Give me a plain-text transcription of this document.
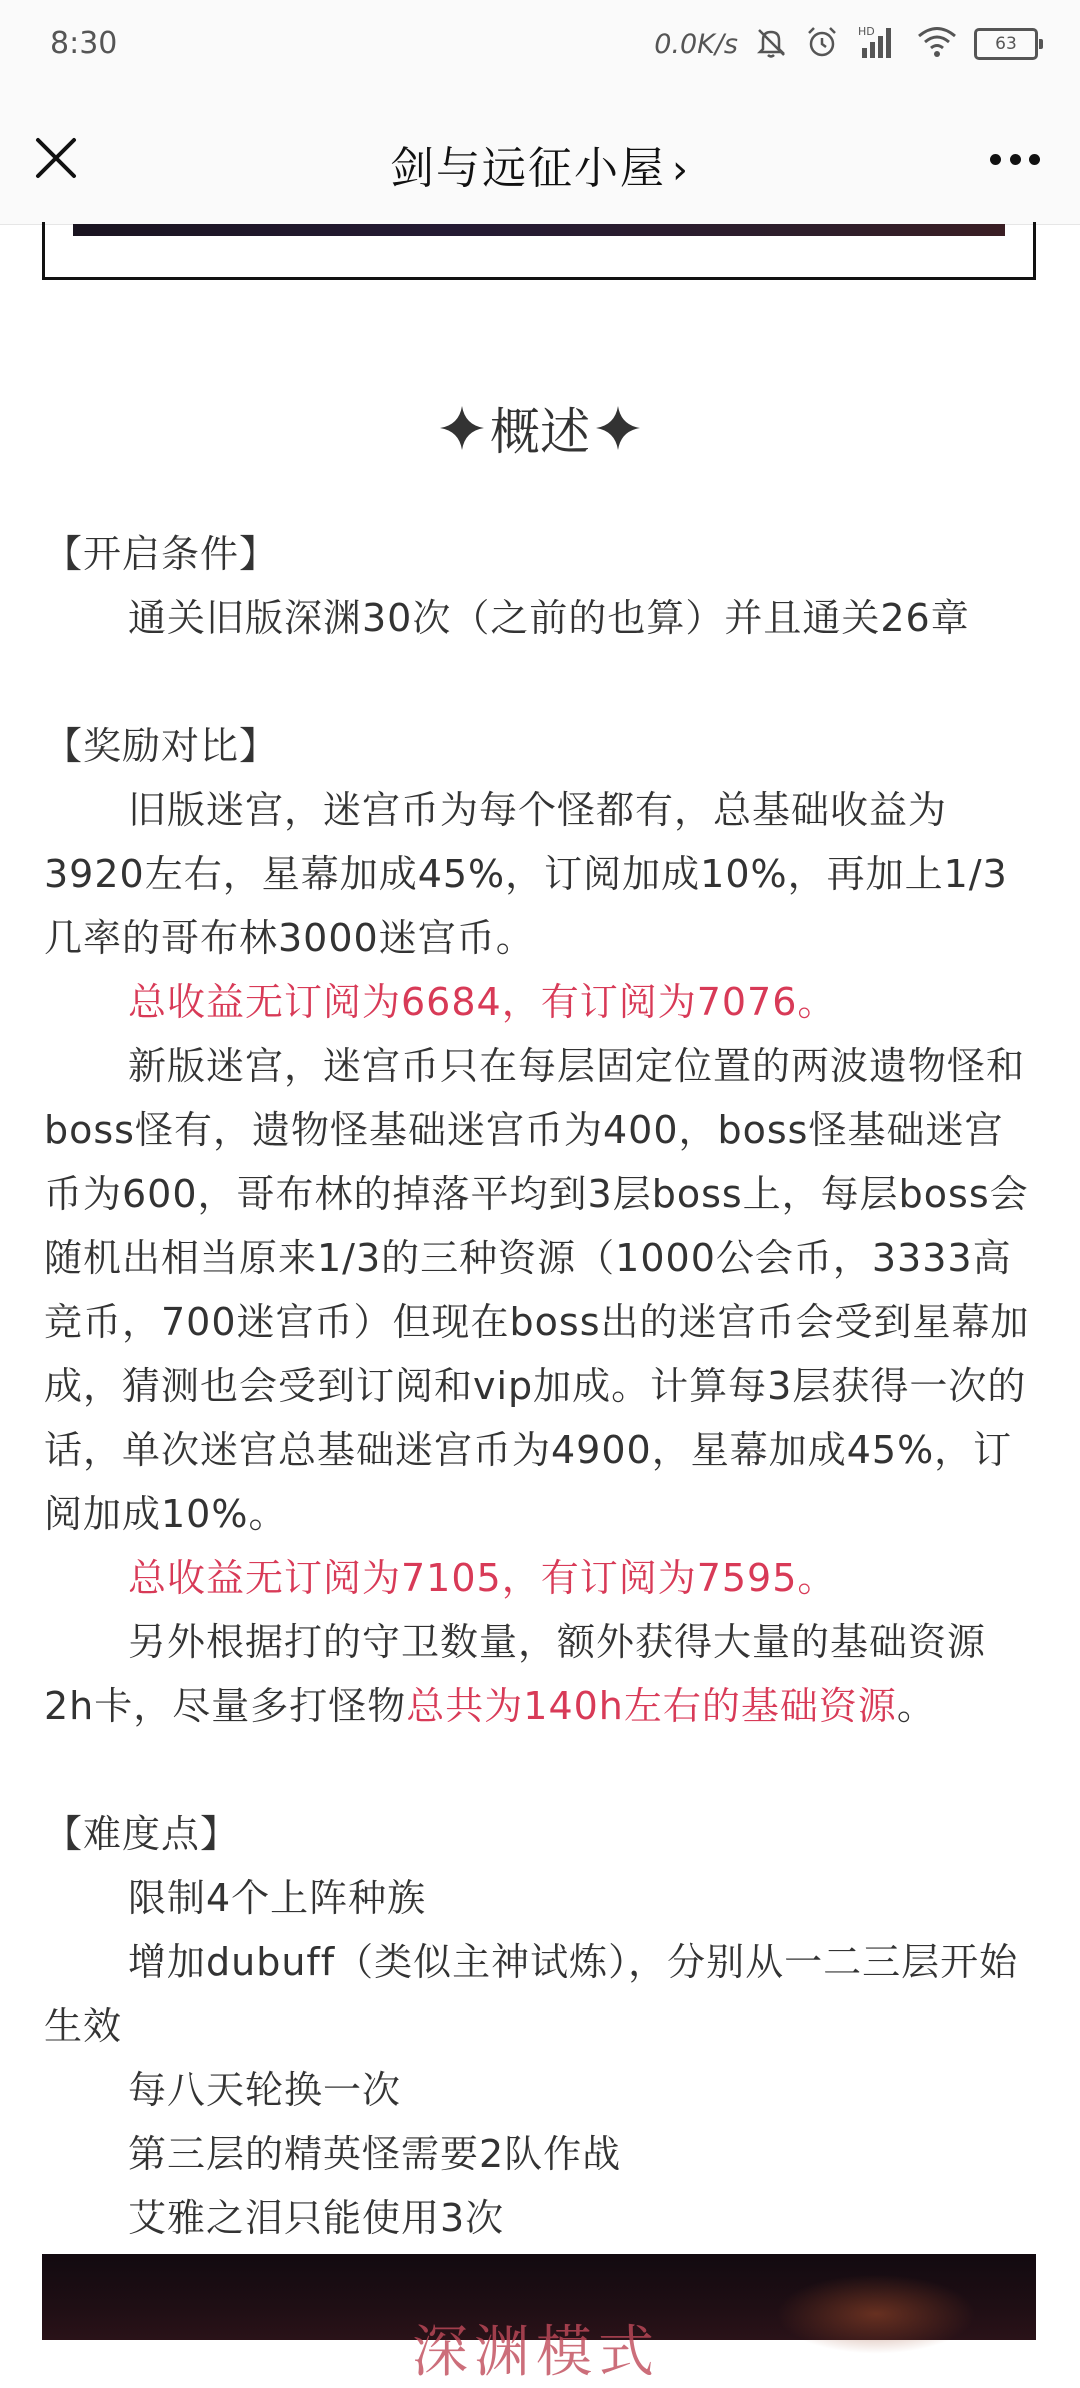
8:30	0.0K/s	HD
63
剑与远征小屋 ›
概述

【开启条件】

通关旧版深渊30次（之前的也算）并且通关26章

【奖励对比】

旧版迷宫，迷宫币为每个怪都有，总基础收益为3920左右，星幕加成45%，订阅加成10%，再加上1/3几率的哥布林3000迷宫币。

总收益无订阅为6684，有订阅为7076。

新版迷宫，迷宫币只在每层固定位置的两波遗物怪和boss怪有，遗物怪基础迷宫币为400，boss怪基础迷宫币为600，哥布林的掉落平均到3层boss上，每层boss会随机出相当原来1/3的三种资源（1000公会币，3333高竞币，700迷宫币）但现在boss出的迷宫币会受到星幕加成，猜测也会受到订阅和vip加成。计算每3层获得一次的话，单次迷宫总基础迷宫币为4900，星幕加成45%，订阅加成10%。

总收益无订阅为7105，有订阅为7595。

另外根据打的守卫数量，额外获得大量的基础资源2h卡，尽量多打怪物总共为140h左右的基础资源。

【难度点】

限制4个上阵种族

增加dubuff（类似主神试炼），分别从一二三层开始生效

每八天轮换一次

第三层的精英怪需要2队作战

艾雅之泪只能使用3次

深渊模式
